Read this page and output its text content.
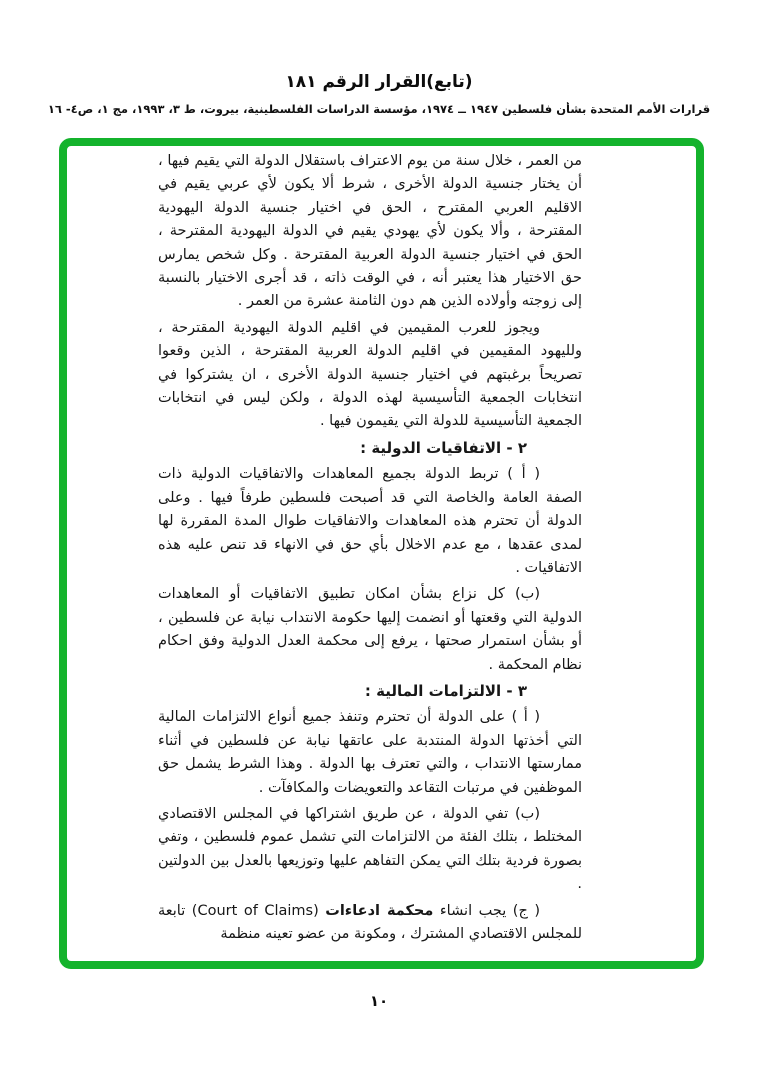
(تابع)القرار الرقم ١٨١
قرارات الأمم المتحدة بشأن فلسطين ١٩٤٧ ــ ١٩٧٤، مؤسسة الدراسات الفلسطينية، بيروت، ط ٣، ١٩٩٣، مج ١، ص٤- ١٦

من العمر ، خلال سنة من يوم الاعتراف باستقلال الدولة التي يقيم فيها ، أن يختار جنسية الدولة الأخرى ، شرط ألا يكون لأي عربي يقيم في الاقليم العربي المقترح ، الحق في اختيار جنسية الدولة اليهودية المقترحة ، وألا يكون لأي يهودي يقيم في الدولة اليهودية المقترحة ، الحق في اختيار جنسية الدولة العربية المقترحة . وكل شخص يمارس حق الاختيار هذا يعتبر أنه ، في الوقت ذاته ، قد أجرى الاختيار بالنسبة إلى زوجته وأولاده الذين هم دون الثامنة عشرة من العمر .

ويجوز للعرب المقيمين في اقليم الدولة اليهودية المقترحة ، ولليهود المقيمين في اقليم الدولة العربية المقترحة ، الذين وقعوا تصريحاً برغبتهم في اختيار جنسية الدولة الأخرى ، ان يشتركوا في انتخابات الجمعية التأسيسية لهذه الدولة ، ولكن ليس في انتخابات الجمعية التأسيسية للدولة التي يقيمون فيها .

٢ - الاتفاقيات الدولية :

( أ ) تربط الدولة بجميع المعاهدات والاتفاقيات الدولية ذات الصفة العامة والخاصة التي قد أصبحت فلسطين طرفاً فيها . وعلى الدولة أن تحترم هذه المعاهدات والاتفاقيات طوال المدة المقررة لها لمدى عقدها ، مع عدم الاخلال بأي حق في الانهاء قد تنص عليه هذه الاتفاقيات .

(ب) كل نزاع بشأن امكان تطبيق الاتفاقيات أو المعاهدات الدولية التي وقعتها أو انضمت إليها حكومة الانتداب نيابة عن فلسطين ، أو بشأن استمرار صحتها ، يرفع إلى محكمة العدل الدولية وفق احكام نظام المحكمة .

٣ - الالتزامات المالية :

( أ ) على الدولة أن تحترم وتنفذ جميع أنواع الالتزامات المالية التي أخذتها الدولة المنتدبة على عاتقها نيابة عن فلسطين في أثناء ممارستها الانتداب ، والتي تعترف بها الدولة . وهذا الشرط يشمل حق الموظفين في مرتبات التقاعد والتعويضات والمكافآت .

(ب) تفي الدولة ، عن طريق اشتراكها في المجلس الاقتصادي المختلط ، بتلك الفئة من الالتزامات التي تشمل عموم فلسطين ، وتفي بصورة فردية بتلك التي يمكن التفاهم عليها وتوزيعها بالعدل بين الدولتين .

( ج) يجب انشاء محكمة ادعاءات (Court of Claims) تابعة للمجلس الاقتصادي المشترك ، ومكونة من عضو تعينه منظمة

١٠
